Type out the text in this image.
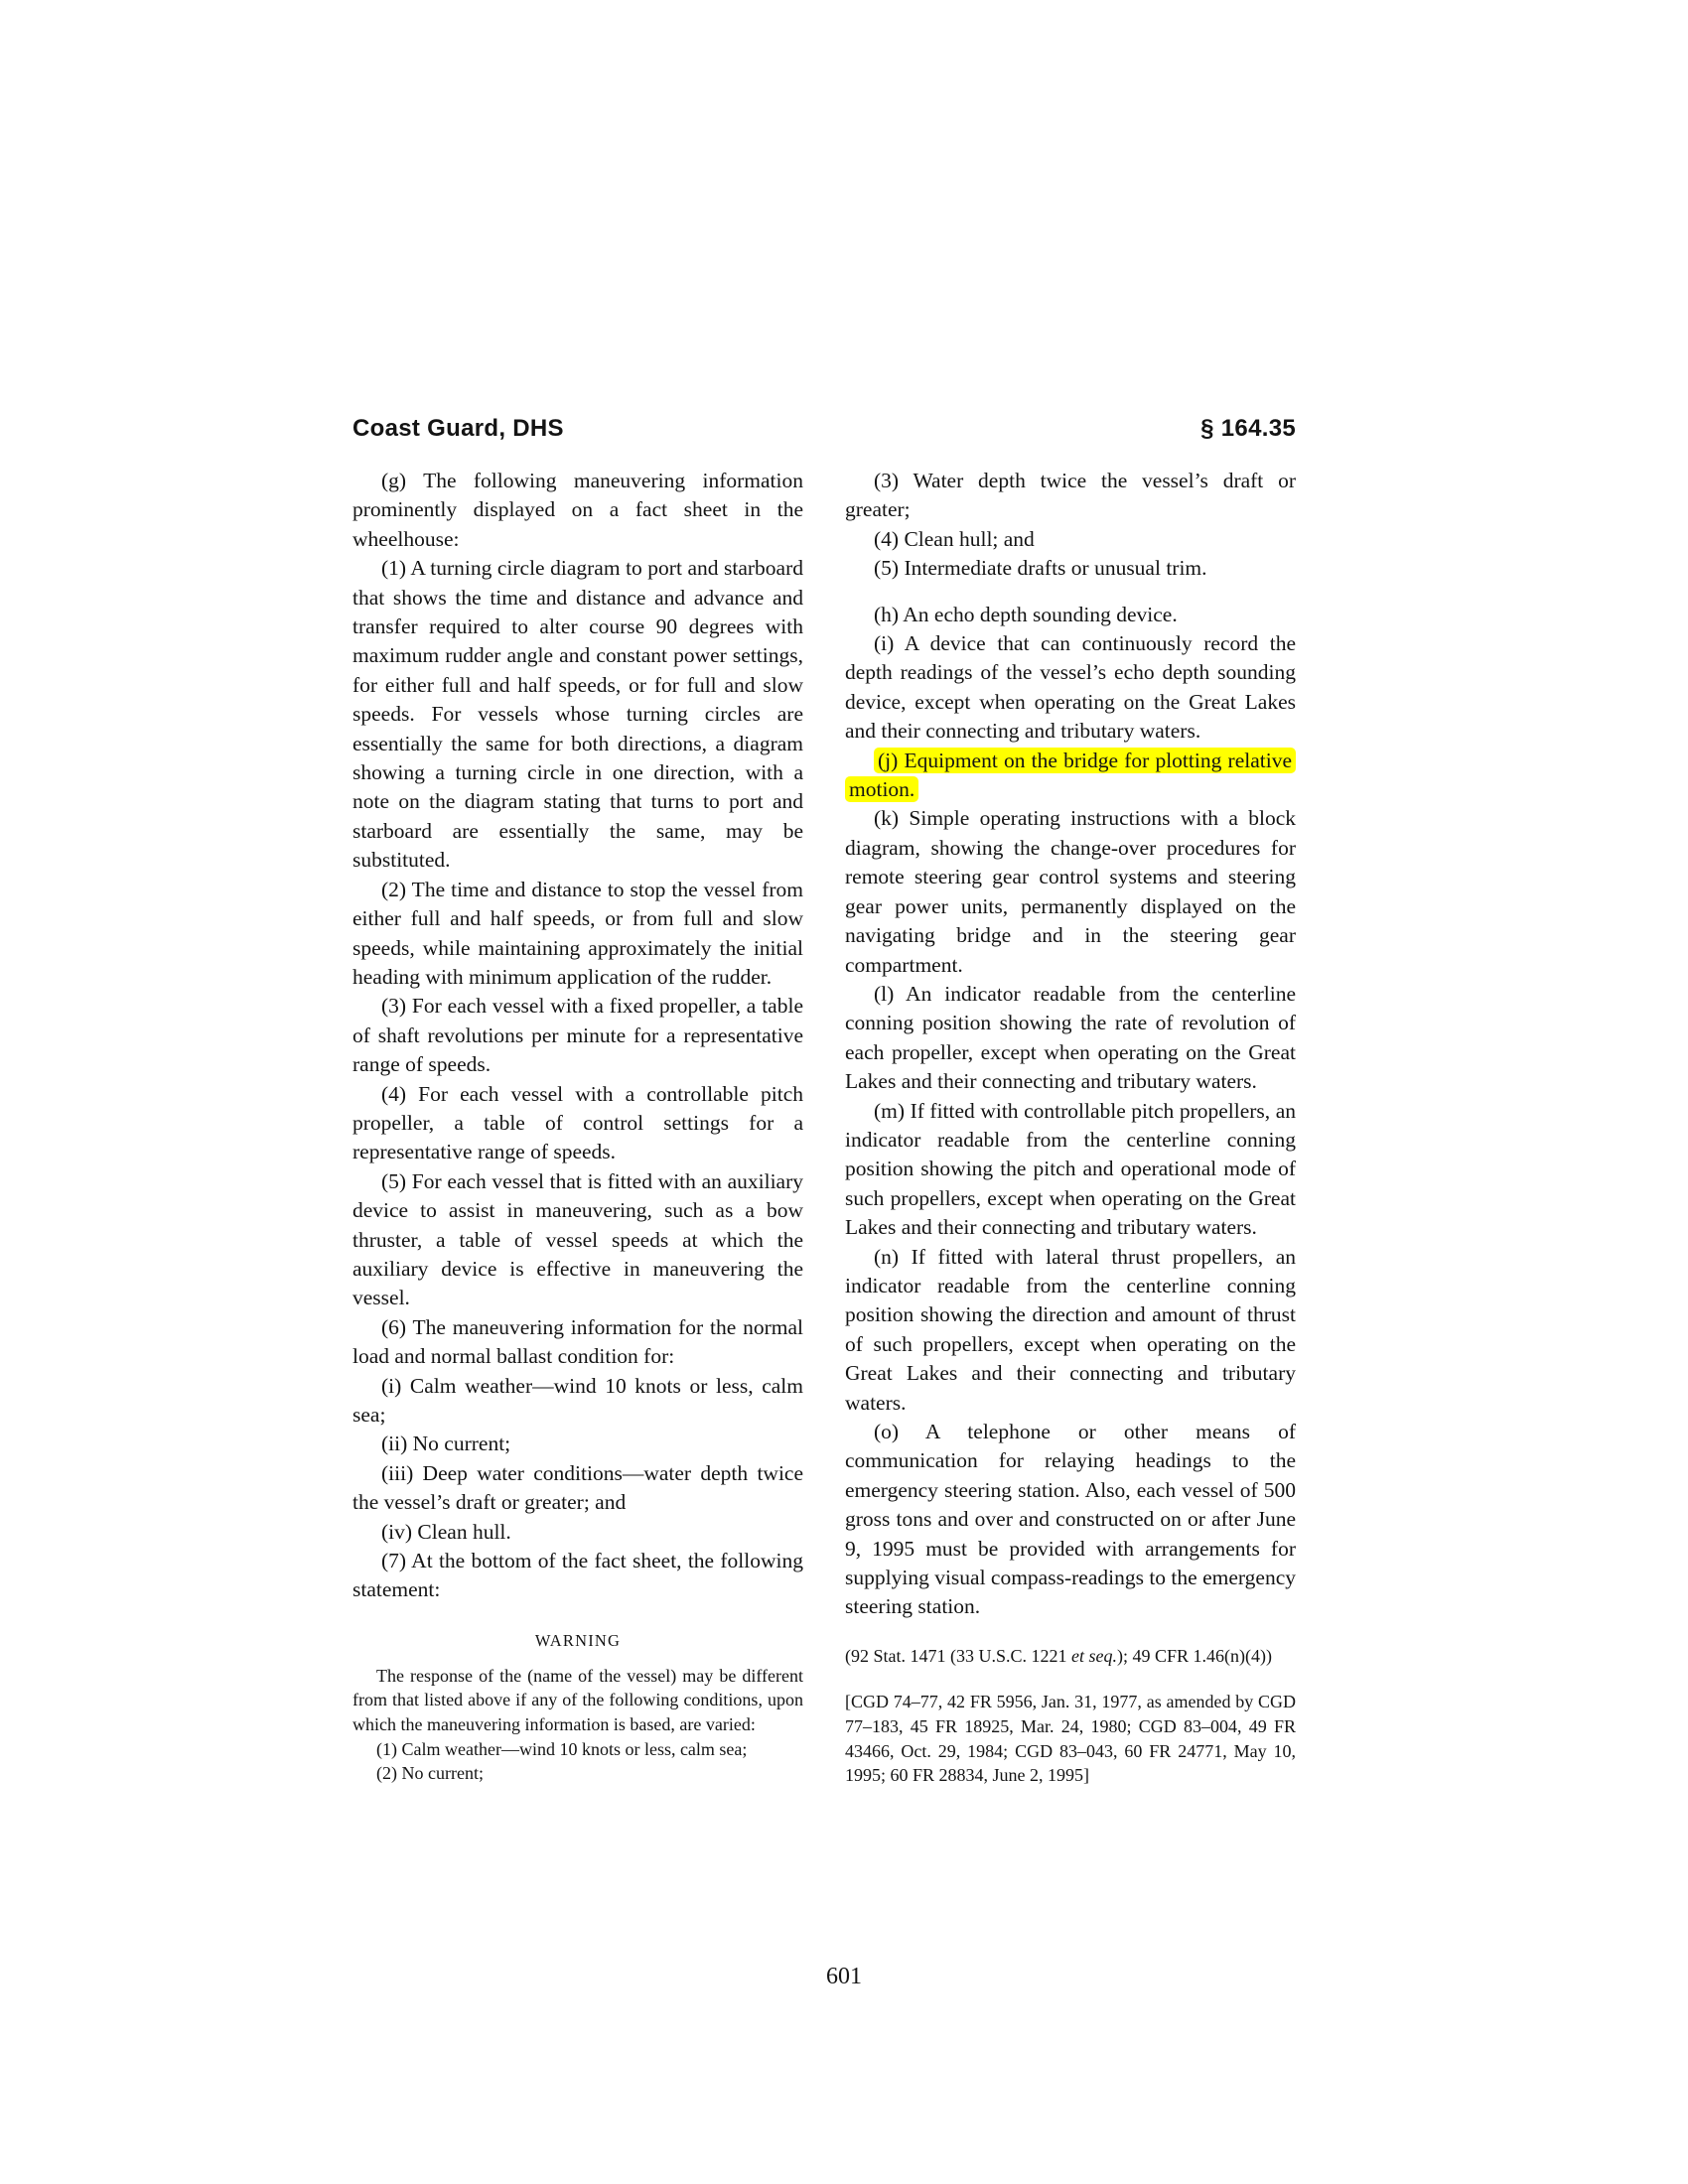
Coast Guard, DHS	§ 164.35

(g) The following maneuvering information prominently displayed on a fact sheet in the wheelhouse:

(1) A turning circle diagram to port and starboard that shows the time and distance and advance and transfer required to alter course 90 degrees with maximum rudder angle and constant power settings, for either full and half speeds, or for full and slow speeds. For vessels whose turning circles are essentially the same for both directions, a diagram showing a turning circle in one direction, with a note on the diagram stating that turns to port and starboard are essentially the same, may be substituted.

(2) The time and distance to stop the vessel from either full and half speeds, or from full and slow speeds, while maintaining approximately the initial heading with minimum application of the rudder.

(3) For each vessel with a fixed propeller, a table of shaft revolutions per minute for a representative range of speeds.

(4) For each vessel with a controllable pitch propeller, a table of control settings for a representative range of speeds.

(5) For each vessel that is fitted with an auxiliary device to assist in maneuvering, such as a bow thruster, a table of vessel speeds at which the auxiliary device is effective in maneuvering the vessel.

(6) The maneuvering information for the normal load and normal ballast condition for:

(i) Calm weather—wind 10 knots or less, calm sea;

(ii) No current;

(iii) Deep water conditions—water depth twice the vessel’s draft or greater; and

(iv) Clean hull.

(7) At the bottom of the fact sheet, the following statement:

WARNING

The response of the (name of the vessel) may be different from that listed above if any of the following conditions, upon which the maneuvering information is based, are varied:

(1) Calm weather—wind 10 knots or less, calm sea;

(2) No current;

(3) Water depth twice the vessel’s draft or greater;

(4) Clean hull; and

(5) Intermediate drafts or unusual trim.

(h) An echo depth sounding device.

(i) A device that can continuously record the depth readings of the vessel’s echo depth sounding device, except when operating on the Great Lakes and their connecting and tributary waters.

(j) Equipment on the bridge for plotting relative motion.

(k) Simple operating instructions with a block diagram, showing the change-over procedures for remote steering gear control systems and steering gear power units, permanently displayed on the navigating bridge and in the steering gear compartment.

(l) An indicator readable from the centerline conning position showing the rate of revolution of each propeller, except when operating on the Great Lakes and their connecting and tributary waters.

(m) If fitted with controllable pitch propellers, an indicator readable from the centerline conning position showing the pitch and operational mode of such propellers, except when operating on the Great Lakes and their connecting and tributary waters.

(n) If fitted with lateral thrust propellers, an indicator readable from the centerline conning position showing the direction and amount of thrust of such propellers, except when operating on the Great Lakes and their connecting and tributary waters.

(o) A telephone or other means of communication for relaying headings to the emergency steering station. Also, each vessel of 500 gross tons and over and constructed on or after June 9, 1995 must be provided with arrangements for supplying visual compass-readings to the emergency steering station.

(92 Stat. 1471 (33 U.S.C. 1221 et seq.); 49 CFR 1.46(n)(4))

[CGD 74–77, 42 FR 5956, Jan. 31, 1977, as amended by CGD 77–183, 45 FR 18925, Mar. 24, 1980; CGD 83–004, 49 FR 43466, Oct. 29, 1984; CGD 83–043, 60 FR 24771, May 10, 1995; 60 FR 28834, June 2, 1995]

601
